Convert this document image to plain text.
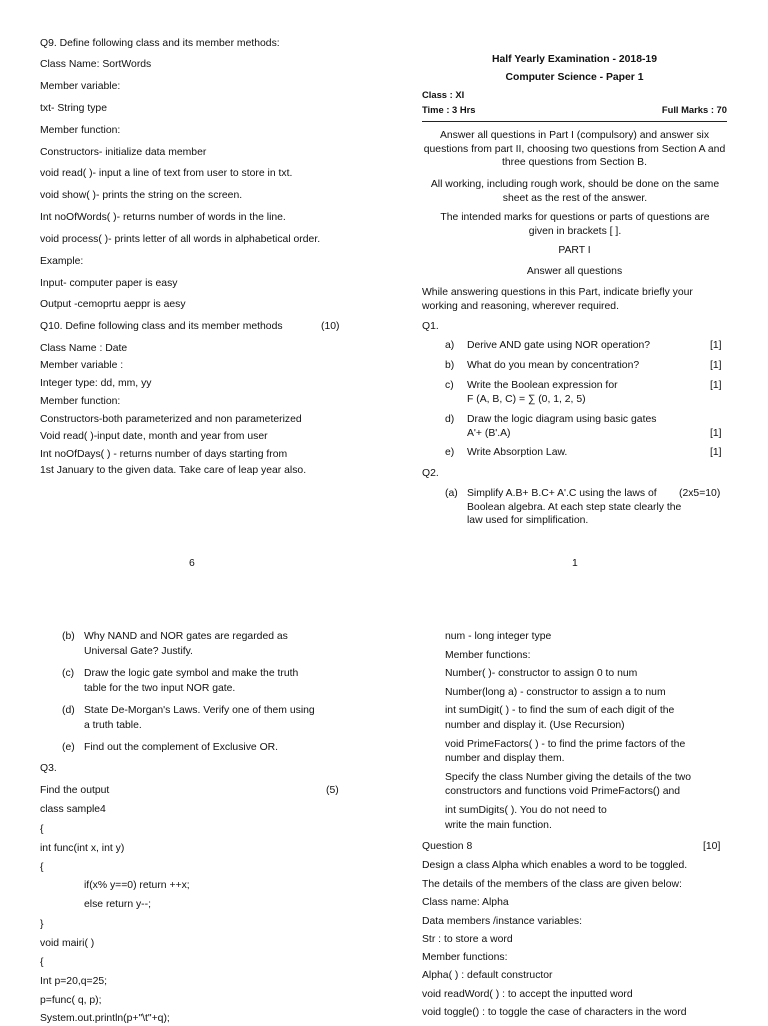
Q9. Define following class and its member methods:
Class Name: SortWords
Member variable:
txt- String type
Member function:
Constructors- initialize data member
void read( )- input a line of text from user to store in txt.
void show( )- prints the string on the screen.
Int noOfWords( )- returns number of words in the line.
void process( )- prints letter of all words in alphabetical order.
Example:
Input- computer paper is easy
Output -cemoprtu aeppr is aesy
Q10. Define following class and its member methods	(10)
Class Name : Date
Member variable :
Integer type: dd, mm, yy
Member function:
Constructors-both parameterized and non parameterized
Void read( )-input date, month and year from user
Int noOfDays( ) - returns number of days starting from
1st January to the given data. Take care of leap year also.
6
Half Yearly Examination - 2018-19
Computer Science - Paper 1
Class : XI
Time : 3 Hrs	Full Marks : 70
Answer all questions in Part I (compulsory) and answer six questions from part II, choosing two questions from Section A and three questions from Section B.
All working, including rough work, should be done on the same sheet as the rest of the answer.
The intended marks for questions or parts of questions are given in brackets [ ].
PART I
Answer all questions
While answering questions in this Part, indicate briefly your working and reasoning, wherever required.
Q1.
a) Derive AND gate using NOR operation?	[1]
b) What do you mean by concentration?	[1]
c) Write the Boolean expression for
F (A, B, C) = ∑ (0, 1, 2, 5)
[1]
d) Draw the logic diagram using basic gates
A'+ (B'.A)	[1]
e) Write Absorption Law.	[1]
Q2.
(a) Simplify A.B+ B.C+ A'.C using the laws of (2x5=10)
Boolean algebra. At each step state clearly the
law used for simplification.
1
(b) Why NAND and NOR gates are regarded as
Universal Gate? Justify.
(c) Draw the logic gate symbol and make the truth
table for the two input NOR gate.
(d) State De-Morgan's Laws. Verify one of them using
a truth table.
(e) Find out the complement of Exclusive OR.
Q3.
Find the output	(5)
class sample4
{
int func(int x, int y)
{
if(x% y==0) return ++x;
else return y--;
}
void mairi( )
{
Int p=20,q=25;
p=func( q, p);
System.out.println(p+"\t"+q);
num - long integer type
Member functions:
Number( )- constructor to assign 0 to num
Number(long a) - constructor to assign a to num
int sumDigit( ) - to find the sum of each digit of the
number and display it. (Use Recursion)
void PrimeFactors( ) - to find the prime factors of the
number and display them.
Specify the class Number giving the details of the two
constructors and functions void PrimeFactors() and
int sumDigits( ). You do not need to
write the main function.
Question 8	[10]
Design a class Alpha which enables a word to be toggled.
The details of the members of the class are given below:
Class name: Alpha
Data members /instance variables:
Str : to store a word
Member functions:
Alpha( ) : default constructor
void readWord( ) : to accept the inputted word
void toggle() : to toggle the case of characters in the word
